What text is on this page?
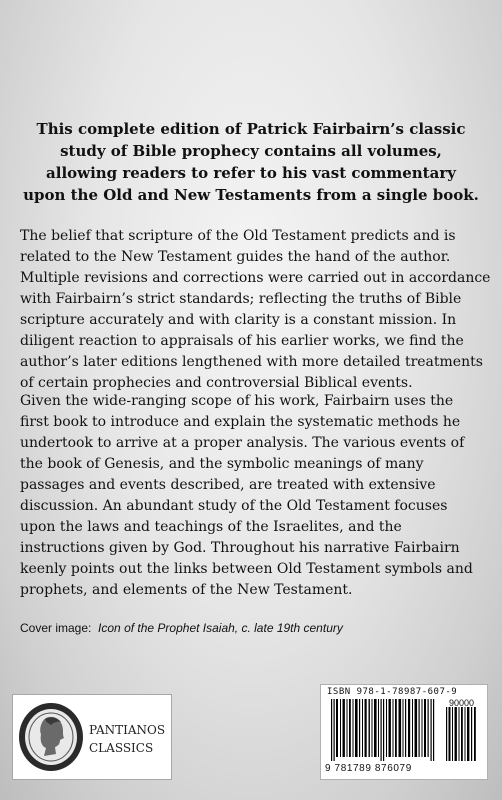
This complete edition of Patrick Fairbairn’s classic
study of Bible prophecy contains all volumes,
allowing readers to refer to his vast commentary
upon the Old and New Testaments from a single book.
The belief that scripture of the Old Testament predicts and is
related to the New Testament guides the hand of the author.
Multiple revisions and corrections were carried out in accordance
with Fairbairn’s strict standards; reflecting the truths of Bible
scripture accurately and with clarity is a constant mission. In
diligent reaction to appraisals of his earlier works, we find the
author’s later editions lengthened with more detailed treatments
of certain prophecies and controversial Biblical events.
Given the wide-ranging scope of his work, Fairbairn uses the
first book to introduce and explain the systematic methods he
undertook to arrive at a proper analysis. The various events of
the book of Genesis, and the symbolic meanings of many
passages and events described, are treated with extensive
discussion. An abundant study of the Old Testament focuses
upon the laws and teachings of the Israelites, and the
instructions given by God. Throughout his narrative Fairbairn
keenly points out the links between Old Testament symbols and
prophets, and elements of the New Testament.
Cover image: Icon of the Prophet Isaiah, c. late 19th century
PANTIANOS
CLASSICS
ISBN 978-1-78987-607-9
90000
9 781789 876079
